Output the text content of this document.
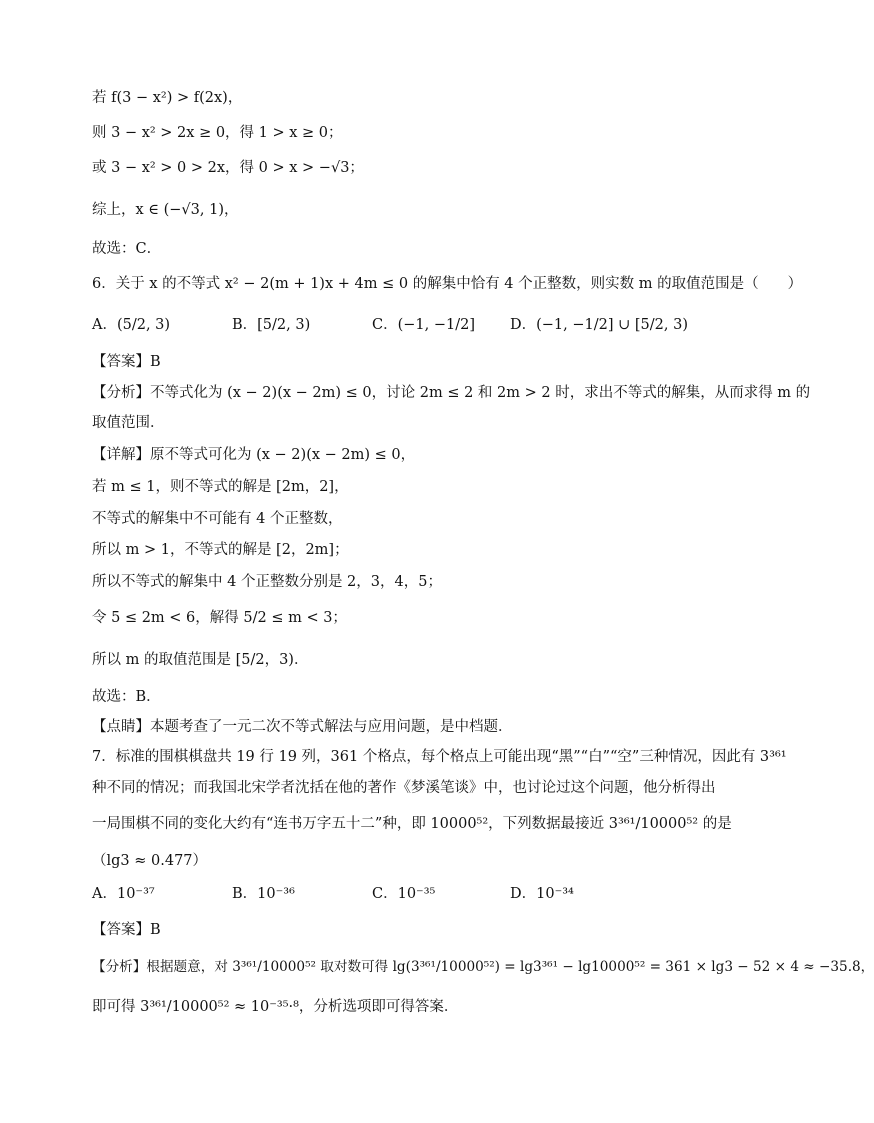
若 f(3 − x²) > f(2x)，
则 3 − x² > 2x ≥ 0，得 1 > x ≥ 0；
或 3 − x² > 0 > 2x，得 0 > x > −√3；
综上，x ∈ (−√3, 1)，
故选：C．
6．关于 x 的不等式 x² − 2(m + 1)x + 4m ≤ 0 的解集中恰有 4 个正整数，则实数 m 的取值范围是（　　）
A．(5/2, 3)	B．[5/2, 3)	C．(−1, −1/2] D．(−1, −1/2] ∪ [5/2, 3)
【答案】B
【分析】不等式化为 (x − 2)(x − 2m) ≤ 0，讨论 2m ≤ 2 和 2m > 2 时，求出不等式的解集，从而求得 m 的
取值范围．
【详解】原不等式可化为 (x − 2)(x − 2m) ≤ 0，
若 m ≤ 1，则不等式的解是 [2m，2]，
不等式的解集中不可能有 4 个正整数，
所以 m > 1，不等式的解是 [2，2m]；
所以不等式的解集中 4 个正整数分别是 2，3，4，5；
令 5 ≤ 2m < 6，解得 5/2 ≤ m < 3；
所以 m 的取值范围是 [5/2，3)．
故选：B．
【点睛】本题考查了一元二次不等式解法与应用问题，是中档题．
7．标准的围棋棋盘共 19 行 19 列，361 个格点，每个格点上可能出现“黑”“白”“空”三种情况，因此有 3³⁶¹
种不同的情况；而我国北宋学者沈括在他的著作《梦溪笔谈》中，也讨论过这个问题，他分析得出
一局围棋不同的变化大约有“连书万字五十二”种，即 10000⁵²，下列数据最接近 3³⁶¹/10000⁵² 的是
（lg3 ≈ 0.477）
A．10⁻³⁷	B．10⁻³⁶	C．10⁻³⁵	D．10⁻³⁴
【答案】B
【分析】根据题意，对 3³⁶¹/10000⁵² 取对数可得 lg(3³⁶¹/10000⁵²) = lg3³⁶¹ − lg10000⁵² = 361 × lg3 − 52 × 4 ≈ −35.8，
即可得 3³⁶¹/10000⁵² ≈ 10⁻³⁵·⁸，分析选项即可得答案．
